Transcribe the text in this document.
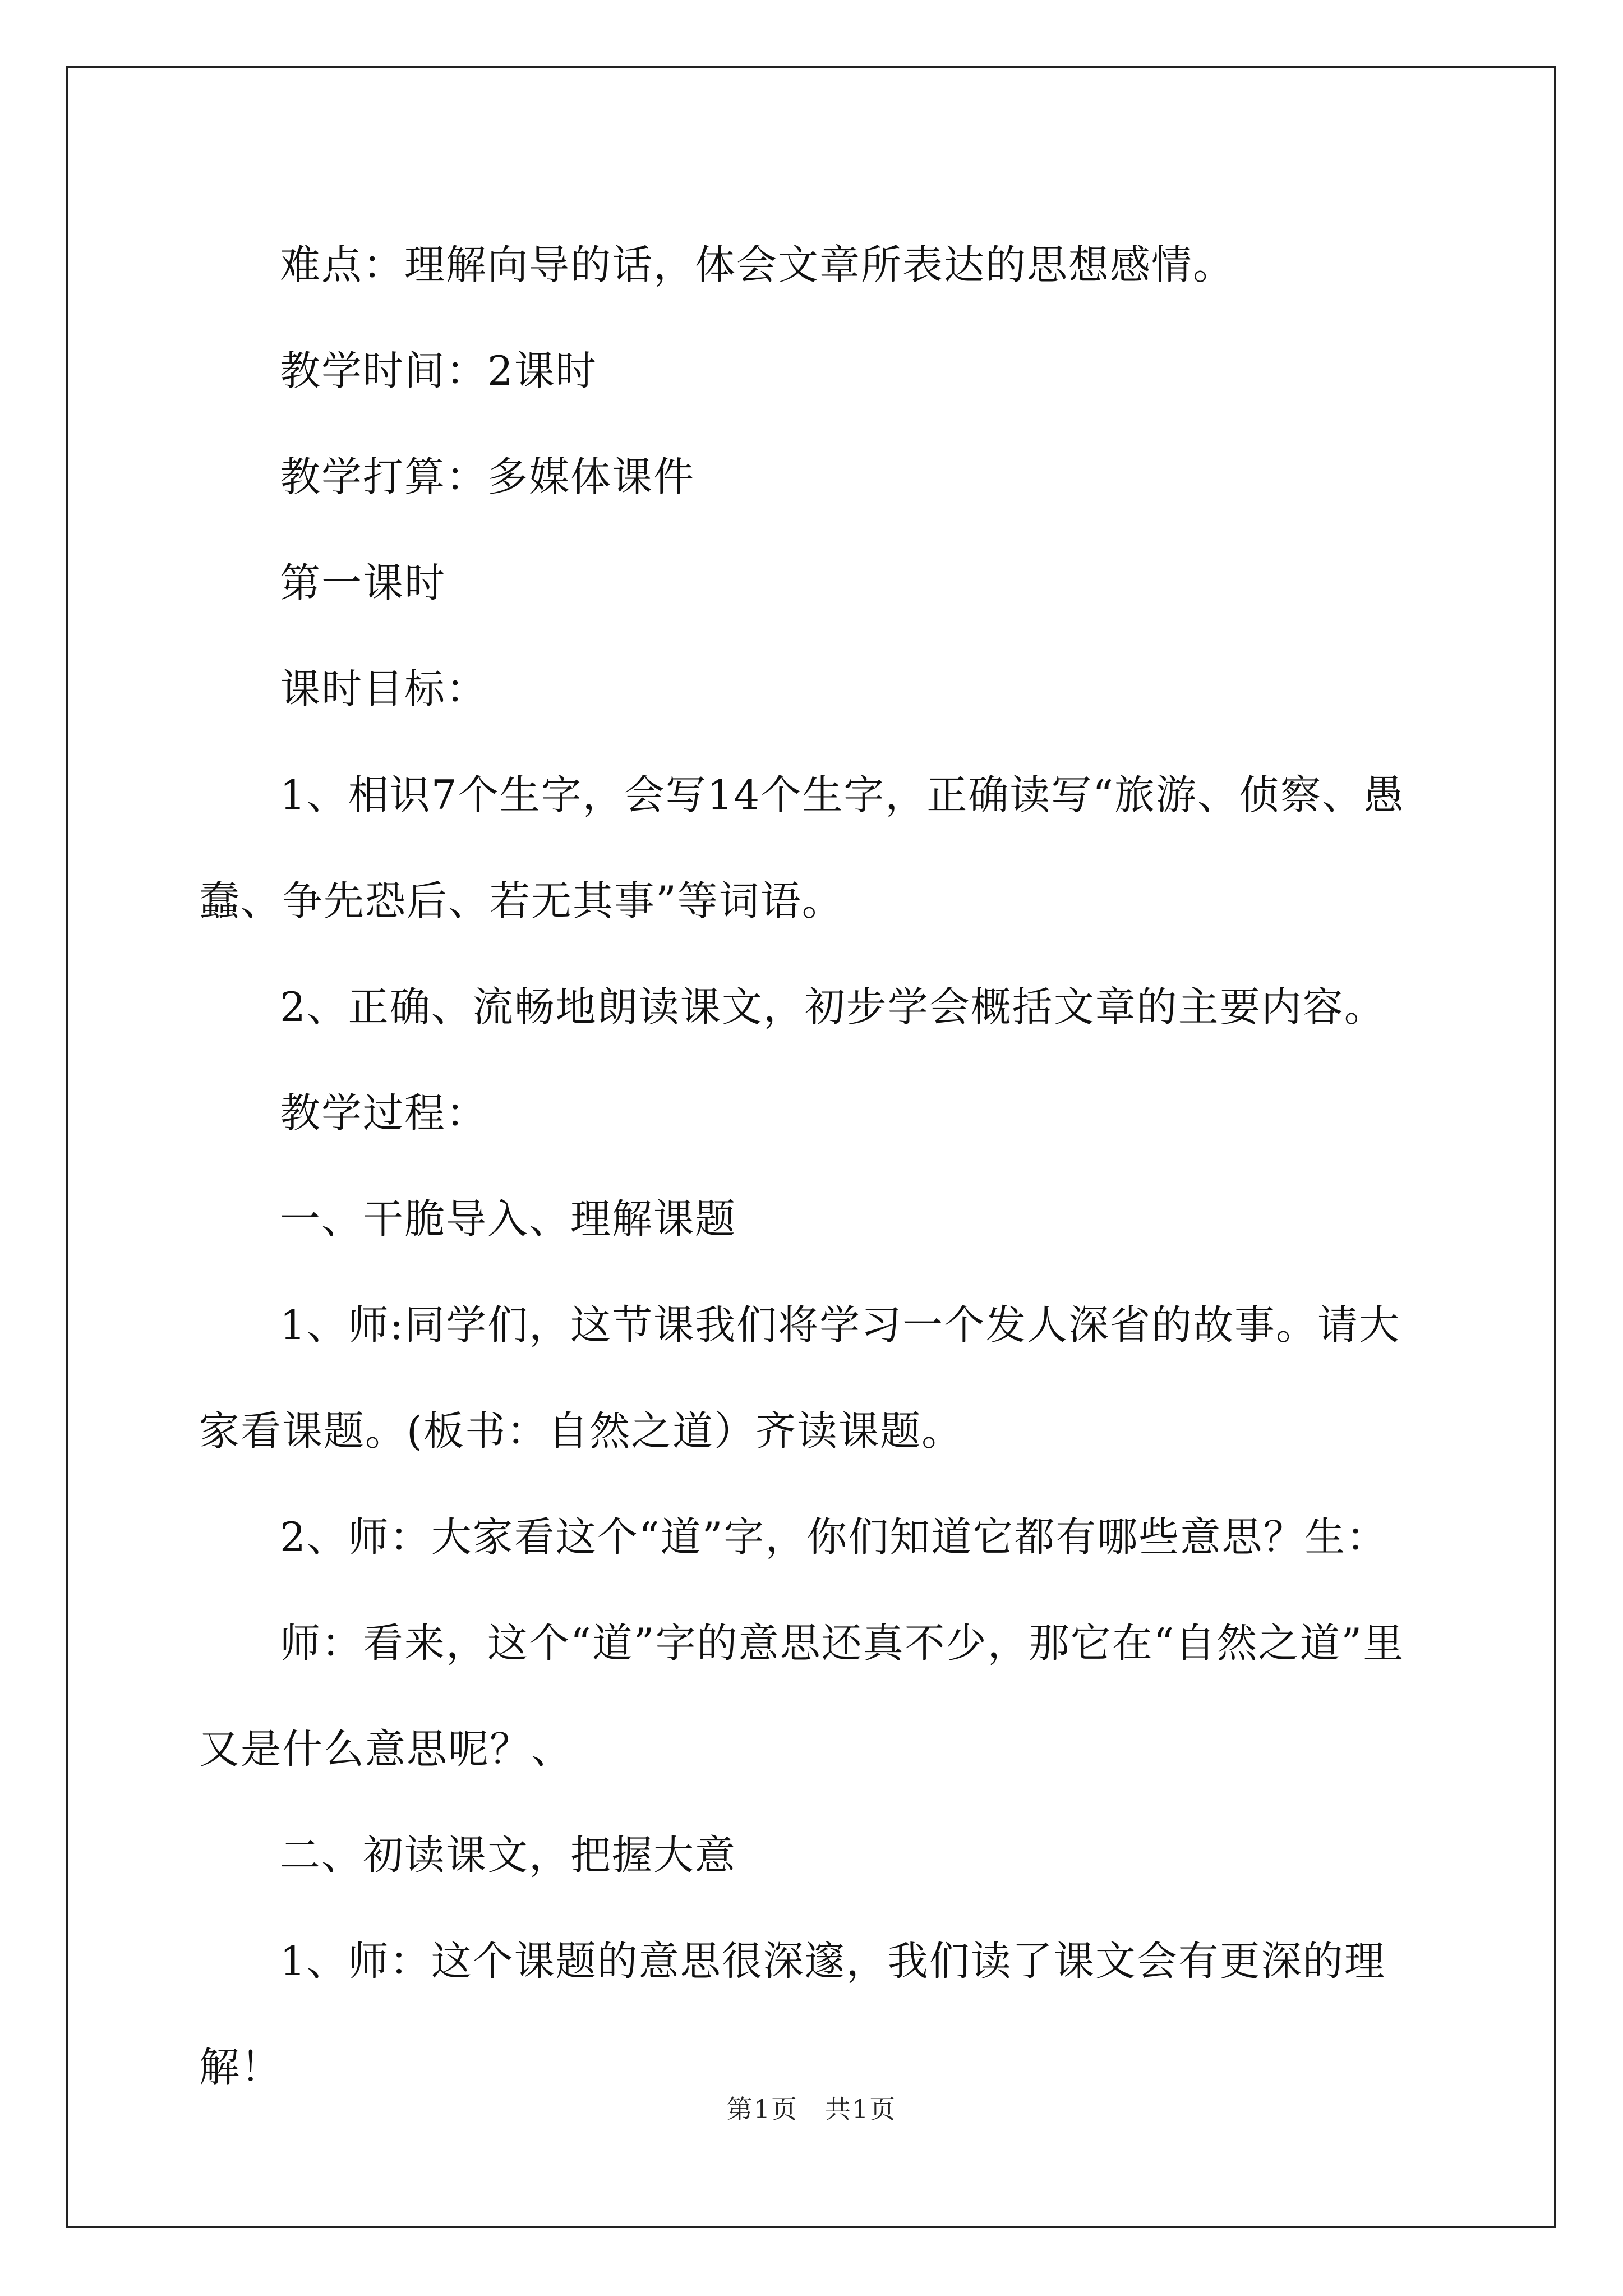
难点：理解向导的话，体会文章所表达的思想感情。

教学时间：2课时

教学打算：多媒体课件

第一课时

课时目标：

1、相识7个生字，会写14个生字，正确读写“旅游、侦察、愚蠢、争先恐后、若无其事”等词语。

2、正确、流畅地朗读课文，初步学会概括文章的主要内容。

教学过程：

一、干脆导入、理解课题

1、师:同学们，这节课我们将学习一个发人深省的故事。请大家看课题。(板书：自然之道）齐读课题。

2、师：大家看这个“道”字，你们知道它都有哪些意思？生：

师：看来，这个“道”字的意思还真不少，那它在“自然之道”里又是什么意思呢？、

二、初读课文，把握大意

1、师：这个课题的意思很深邃，我们读了课文会有更深的理解！

第1页 共1页
